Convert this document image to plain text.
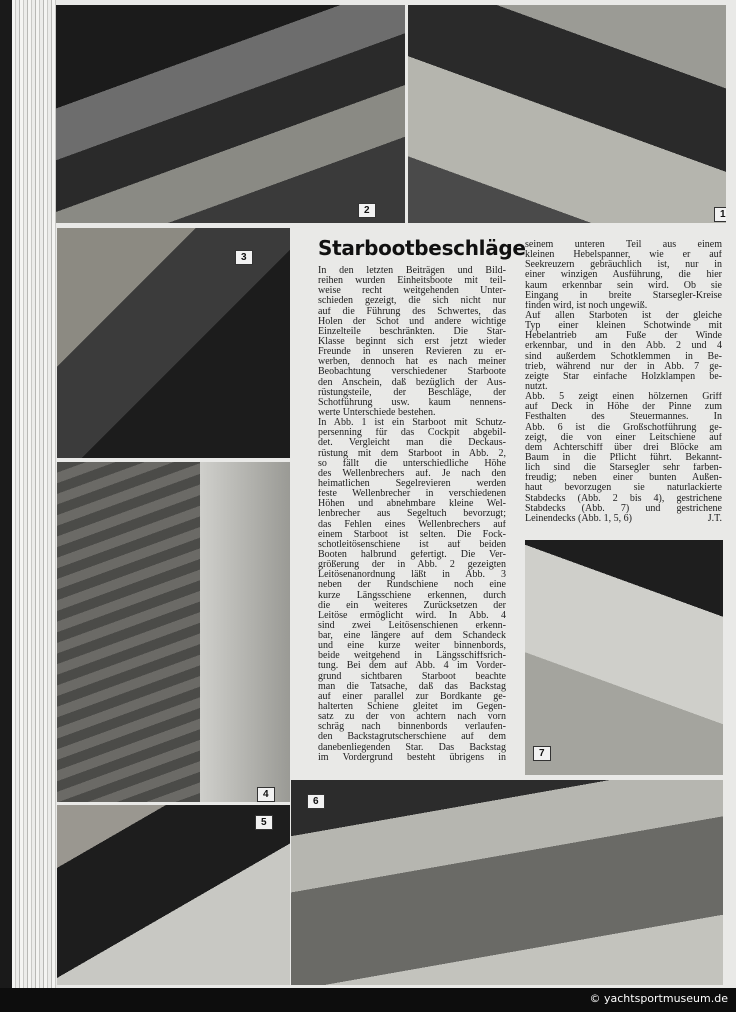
2	1
3
4
5
6
7
Starbootbeschläge
In den letzten Beiträgen und Bild-
reihen wurden Einheitsboote mit teil-
weise recht weitgehenden Unter-
schieden gezeigt, die sich nicht nur
auf die Führung des Schwertes, das
Holen der Schot und andere wichtige
Einzelteile beschränkten. Die Star-
Klasse beginnt sich erst jetzt wieder
Freunde in unseren Revieren zu er-
werben, dennoch hat es nach meiner
Beobachtung verschiedener Starboote
den Anschein, daß bezüglich der Aus-
rüstungsteile, der Beschläge, der
Schotführung usw. kaum nennens-
werte Unterschiede bestehen.
In Abb. 1 ist ein Starboot mit Schutz-
persenning für das Cockpit abgebil-
det. Vergleicht man die Deckaus-
rüstung mit dem Starboot in Abb. 2,
so fällt die unterschiedliche Höhe
des Wellenbrechers auf. Je nach den
heimatlichen Segelrevieren werden
feste Wellenbrecher in verschiedenen
Höhen und abnehmbare kleine Wel-
lenbrecher aus Segeltuch bevorzugt;
das Fehlen eines Wellenbrechers auf
einem Starboot ist selten. Die Fock-
schotleitösenschiene ist auf beiden
Booten halbrund gefertigt. Die Ver-
größerung der in Abb. 2 gezeigten
Leitösenanordnung läßt in Abb. 3
neben der Rundschiene noch eine
kurze Längsschiene erkennen, durch
die ein weiteres Zurücksetzen der
Leitöse ermöglicht wird. In Abb. 4
sind zwei Leitösenschienen erkenn-
bar, eine längere auf dem Schandeck
und eine kurze weiter binnenbords,
beide weitgehend in Längsschiffsrich-
tung. Bei dem auf Abb. 4 im Vorder-
grund sichtbaren Starboot beachte
man die Tatsache, daß das Backstag
auf einer parallel zur Bordkante ge-
halterten Schiene gleitet im Gegen-
satz zu der von achtern nach vorn
schräg nach binnenbords verlaufen-
den Backstagrutscherschiene auf dem
danebenliegenden Star. Das Backstag
im Vordergrund besteht übrigens in
seinem unteren Teil aus einem
kleinen Hebelspanner, wie er auf
Seekreuzern gebräuchlich ist, nur in
einer winzigen Ausführung, die hier
kaum erkennbar sein wird. Ob sie
Eingang in breite Starsegler-Kreise
finden wird, ist noch ungewiß.
Auf allen Starboten ist der gleiche
Typ einer kleinen Schotwinde mit
Hebelantrieb am Fuße der Winde
erkennbar, und in den Abb. 2 und 4
sind außerdem Schotklemmen in Be-
trieb, während nur der in Abb. 7 ge-
zeigte Star einfache Holzklampen be-
nutzt.
Abb. 5 zeigt einen hölzernen Griff
auf Deck in Höhe der Pinne zum
Festhalten des Steuermannes. In
Abb. 6 ist die Großschotführung ge-
zeigt, die von einer Leitschiene auf
dem Achterschiff über drei Blöcke am
Baum in die Pflicht führt. Bekannt-
lich sind die Starsegler sehr farben-
freudig; neben einer bunten Außen-
haut bevorzugen sie naturlackierte
Stabdecks (Abb. 2 bis 4), gestrichene
Stabdecks (Abb. 7) und gestrichene
Leinendecks (Abb. 1, 5, 6)	J.T.
© yachtsportmuseum.de
